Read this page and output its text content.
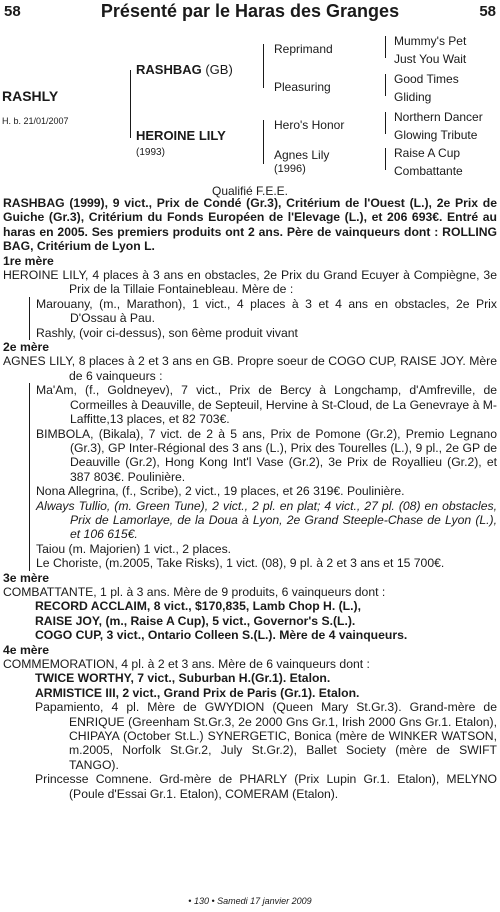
58	Présenté par le Haras des Granges	58
RASHLY
H. b. 21/01/2007
RASHBAG (GB)
HEROINE LILY
(1993)
Reprimand
Pleasuring
Hero's Honor
Agnes Lily
(1996)
Mummy's Pet
Just You Wait
Good Times
Gliding
Northern Dancer
Glowing Tribute
Raise A Cup
Combattante
Qualifié F.E.E.

RASHBAG (1999), 9 vict., Prix de Condé (Gr.3), Critérium de l'Ouest (L.), 2e Prix de Guiche (Gr.3), Critérium du Fonds Européen de l'Elevage (L.), et 206 693€. Entré au haras en 2005. Ses premiers produits ont 2 ans. Père de vainqueurs dont : ROLLING BAG, Critérium de Lyon L.

1re mère

HEROINE LILY, 4 places à 3 ans en obstacles, 2e Prix du Grand Ecuyer à Compiègne, 3e Prix de la Tillaie Fontainebleau. Mère de :

Marouany, (m., Marathon), 1 vict., 4 places à 3 et 4 ans en obstacles, 2e Prix D'Ossau à Pau.

Rashly, (voir ci-dessus), son 6ème produit vivant

2e mère

AGNES LILY, 8 places à 2 et 3 ans en GB. Propre soeur de COGO CUP, RAISE JOY. Mère de 6 vainqueurs :

Ma'Am, (f., Goldneyev), 7 vict., Prix de Bercy à Longchamp, d'Amfreville, de Cormeilles à Deauville, de Septeuil, Hervine à St-Cloud, de La Genevraye à M-Laffitte,13 places, et 82 703€.

BIMBOLA, (Bikala), 7 vict. de 2 à 5 ans, Prix de Pomone (Gr.2), Premio Legnano (Gr.3), GP Inter-Régional des 3 ans (L.), Prix des Tourelles (L.), 9 pl., 2e GP de Deauville (Gr.2), Hong Kong Int'l Vase (Gr.2), 3e Prix de Royallieu (Gr.2), et 387 803€. Poulinière.

Nona Allegrina, (f., Scribe), 2 vict., 19 places, et 26 319€. Poulinière.

Always Tullio, (m. Green Tune), 2 vict., 2 pl. en plat; 4 vict., 27 pl. (08) en obstacles, Prix de Lamorlaye, de la Doua à Lyon, 2e Grand Steeple-Chase de Lyon (L.), et 106 615€.

Taiou (m. Majorien) 1 vict., 2 places.

Le Choriste, (m.2005, Take Risks), 1 vict. (08), 9 pl. à 2 et 3 ans et 15 700€.

3e mère

COMBATTANTE, 1 pl. à 3 ans. Mère de 9 produits, 6 vainqueurs dont :

RECORD ACCLAIM, 8 vict., $170,835, Lamb Chop H. (L.),

RAISE JOY, (m., Raise A Cup), 5 vict., Governor's S.(L.).

COGO CUP, 3 vict., Ontario Colleen S.(L.). Mère de 4 vainqueurs.

4e mère

COMMEMORATION, 4 pl. à 2 et 3 ans. Mère de 6 vainqueurs dont :

TWICE WORTHY, 7 vict., Suburban H.(Gr.1). Etalon.

ARMISTICE III, 2 vict., Grand Prix de Paris (Gr.1). Etalon.

Papamiento, 4 pl. Mère de GWYDION (Queen Mary St.Gr.3). Grand-mère de ENRIQUE (Greenham St.Gr.3, 2e 2000 Gns Gr.1, Irish 2000 Gns Gr.1. Etalon), CHIPAYA (October St.L.) SYNERGETIC, Bonica (mère de WINKER WATSON, m.2005, Norfolk St.Gr.2, July St.Gr.2), Ballet Society (mère de SWIFT TANGO).

Princesse Comnene. Grd-mère de PHARLY (Prix Lupin Gr.1. Etalon), MELYNO (Poule d'Essai Gr.1. Etalon), COMERAM (Etalon).

• 130 • Samedi 17 janvier 2009
